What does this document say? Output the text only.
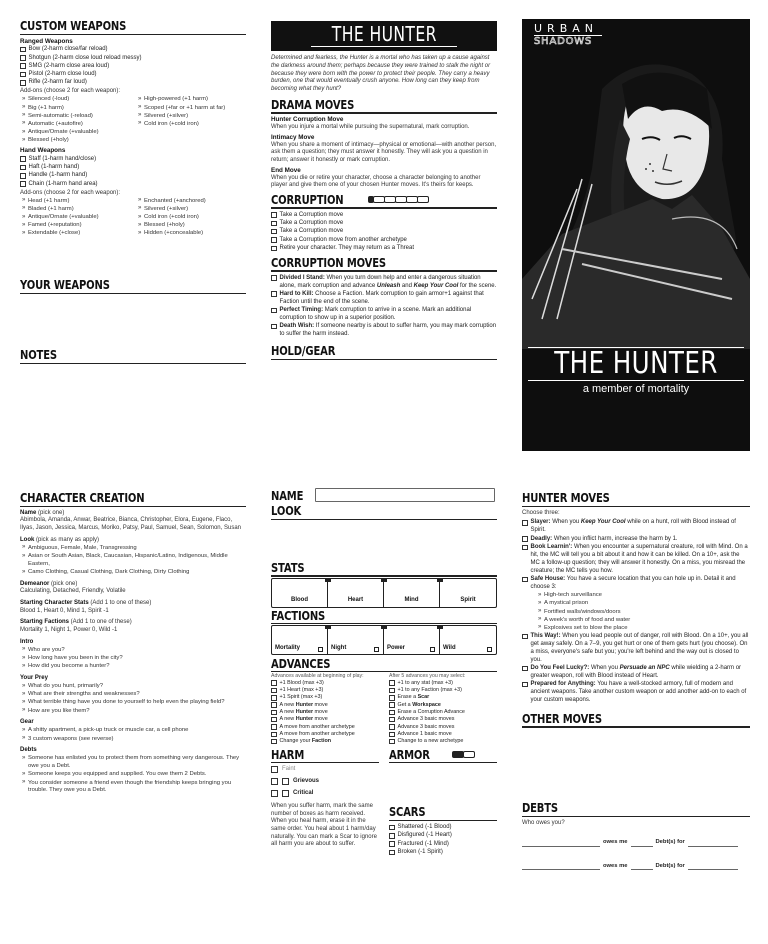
CUSTOM WEAPONS
Ranged Weapons
Bow (2-harm close/far reload)
Shotgun (2-harm close loud reload messy)
SMG (2-harm close area loud)
Pistol (2-harm close loud)
Rifle (2-harm far loud)
Add-ons (choose 2 for each weapon):
» Silenced (-loud)
» Big (+1 harm)
» Semi-automatic (-reload)
» Automatic (+autofire)
» Antique/Ornate (+valuable)
» Blessed (+holy)
» High-powered (+1 harm)
» Scoped (+far or +1 harm at far)
» Silvered (+silver)
» Cold iron (+cold iron)
Hand Weapons
Staff (1-harm hand/close)
Haft (1-harm hand)
Handle (1-harm hand)
Chain (1-harm hand area)
Add-ons (choose 2 for each weapon):
» Head (+1 harm)
» Bladed (+1 harm)
» Antique/Ornate (+valuable)
» Famed (+reputation)
» Extendable (+close)
» Enchanted (+anchored)
» Silvered (+silver)
» Cold iron (+cold iron)
» Blessed (+holy)
» Hidden (+concealable)
YOUR WEAPONS
NOTES
THE HUNTER
Determined and fearless, the Hunter is a mortal who has taken up a cause against the darkness around them; perhaps because they were trained to stalk the night or because they were born with the power to protect their people. They carry a heavy burden, one that would eventually crush anyone. How long can they keep from becoming what they hunt?
DRAMA MOVES
Hunter Corruption Move
When you injure a mortal while pursuing the supernatural, mark corruption.
Intimacy Move
When you share a moment of intimacy—physical or emotional—with another person, ask them a question; they must answer it honestly. They will ask you a question in return; answer it honestly or mark corruption.
End Move
When you die or retire your character, choose a character belonging to another player and give them one of your chosen Hunter moves. It's theirs for keeps.
CORRUPTION
Take a Corruption move
Take a Corruption move
Take a Corruption move
Take a Corruption move from another archetype
Retire your character. They may return as a Threat
CORRUPTION MOVES
Divided I Stand: When you turn down help and enter a dangerous situation alone, mark corruption and advance Unleash and Keep Your Cool for the scene.
Hard to Kill: Choose a Faction. Mark corruption to gain armor+1 against that Faction until the end of the scene.
Perfect Timing: Mark corruption to arrive in a scene. Mark an additional corruption to show up in a superior position.
Death Wish: If someone nearby is about to suffer harm, you may mark corruption to suffer the harm instead.
HOLD/GEAR
URBAN
SHADOWS
THE HUNTER
a member of mortality
CHARACTER CREATION
Name (pick one)
Abimbola, Amanda, Anwar, Beatrice, Bianca, Christopher, Elora, Eugene, Flaco, Ilyas, Jason, Jessica, Marcus, Moriko, Patsy, Paul, Samuel, Sean, Solomon, Susan
Look (pick as many as apply)
» Ambiguous, Female, Male, Transgressing
» Asian or South Asian, Black, Caucasian, Hispanic/Latino, Indigenous, Middle Eastern,
» Camo Clothing, Casual Clothing, Dark Clothing, Dirty Clothing
Demeanor (pick one)
Calculating, Detached, Friendly, Volatile
Starting Character Stats (Add 1 to one of these)
Blood 1, Heart 0, Mind 1, Spirit -1
Starting Factions (Add 1 to one of these)
Mortality 1, Night 1, Power 0, Wild -1
Intro
» Who are you?
» How long have you been in the city?
» How did you become a hunter?
Your Prey
» What do you hunt, primarily?
» What are their strengths and weaknesses?
» What terrible thing have you done to yourself to help even the playing field?
» How are you like them?
Gear
» A shitty apartment, a pick-up truck or muscle car, a cell phone
» 3 custom weapons (see reverse)
Debts
» Someone has enlisted you to protect them from something very dangerous. They owe you a Debt.
» Someone keeps you equipped and supplied. You owe them 2 Debts.
» You consider someone a friend even though the friendship keeps bringing you trouble. They owe you a Debt.
NAME
LOOK
STATS
Blood	Heart	Mind	Spirit
FACTIONS
Mortality	Night	Power	Wild
ADVANCES
Advances available at beginning of play:
+1 Blood (max +3)
+1 Heart (max +3)
+1 Spirit (max +3)
A new Hunter move
A new Hunter move
A new Hunter move
A move from another archetype
A move from another archetype
Change your Faction
After 5 advances you may select:
+1 to any stat (max +3)
+1 to any Faction (max +3)
Erase a Scar
Get a Workspace
Erase a Corruption Advance
Advance 3 basic moves
Advance 3 basic moves
Advance 1 basic move
Change to a new archetype
HARM
Faint
Grievous
Critical
When you suffer harm, mark the same number of boxes as harm received. When you heal harm, erase it in the same order. You heal about 1 harm/day naturally. You can mark a Scar to ignore all harm you are about to suffer.
ARMOR
SCARS
Shattered (-1 Blood)
Disfigured (-1 Heart)
Fractured (-1 Mind)
Broken (-1 Spirit)
HUNTER MOVES
Choose three:
Slayer: When you Keep Your Cool while on a hunt, roll with Blood instead of Spirit.
Deadly: When you inflict harm, increase the harm by 1.
Book Learnin': When you encounter a supernatural creature, roll with Mind. On a hit, the MC will tell you a bit about it and how it can be killed. On a 10+, ask the MC a follow-up question; they will answer it honestly. On a miss, you misread the creature; the MC tells you how.
Safe House: You have a secure location that you can hole up in. Detail it and choose 3:
» High-tech surveillance
» A mystical prison
» Fortified walls/windows/doors
» A week's worth of food and water
» Explosives set to blow the place
This Way!: When you lead people out of danger, roll with Blood. On a 10+, you all get away safely. On a 7–9, you get hurt or one of them gets hurt (you choose). On a miss, everyone's safe but you; you're left behind and the way out is closed to you.
Do You Feel Lucky?: When you Persuade an NPC while wielding a 2-harm or greater weapon, roll with Blood instead of Heart.
Prepared for Anything: You have a well-stocked armory, full of modern and ancient weapons. Take another custom weapon or add another add-on to each of your custom weapons.
OTHER MOVES
DEBTS
Who owes you?
owes me	Debt(s) for
owes me	Debt(s) for
